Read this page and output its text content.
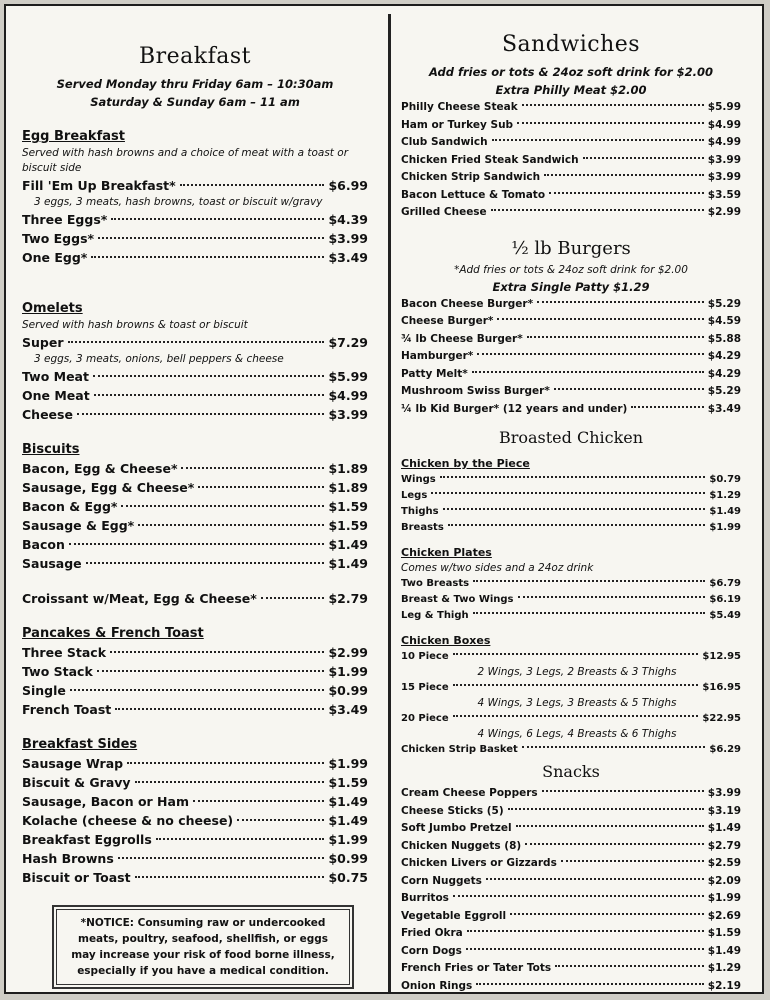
Breakfast
Served Monday thru Friday 6am – 10:30am
Saturday & Sunday 6am – 11 am
Egg Breakfast
Served with hash browns and a choice of meat with a toast or biscuit side
Fill 'Em Up Breakfast*	$6.99
3 eggs, 3 meats, hash browns, toast or biscuit w/gravy
Three Eggs*	$4.39
Two Eggs*	$3.99
One Egg*	$3.49
Omelets
Served with hash browns & toast or biscuit
Super	$7.29
3 eggs, 3 meats, onions, bell peppers & cheese
Two Meat	$5.99
One Meat	$4.99
Cheese	$3.99
Biscuits
Bacon, Egg & Cheese*	$1.89
Sausage, Egg & Cheese*	$1.89
Bacon & Egg*	$1.59
Sausage & Egg*	$1.59
Bacon	$1.49
Sausage	$1.49
Croissant w/Meat, Egg & Cheese*	$2.79
Pancakes & French Toast
Three Stack	$2.99
Two Stack	$1.99
Single	$0.99
French Toast	$3.49
Breakfast Sides
Sausage Wrap	$1.99
Biscuit & Gravy	$1.59
Sausage, Bacon or Ham	$1.49
Kolache (cheese & no cheese)	$1.49
Breakfast Eggrolls	$1.99
Hash Browns	$0.99
Biscuit or Toast	$0.75
*NOTICE: Consuming raw or undercooked meats, poultry, seafood, shellfish, or eggs may increase your risk of food borne illness, especially if you have a medical condition.
Sandwiches
Add fries or tots & 24oz soft drink for $2.00
Extra Philly Meat $2.00
Philly Cheese Steak	$5.99
Ham or Turkey Sub	$4.99
Club Sandwich	$4.99
Chicken Fried Steak Sandwich	$3.99
Chicken Strip Sandwich	$3.99
Bacon Lettuce & Tomato	$3.59
Grilled Cheese	$2.99
½ lb Burgers
*Add fries or tots & 24oz soft drink for $2.00
Extra Single Patty $1.29
Bacon Cheese Burger*	$5.29
Cheese Burger*	$4.59
¾ lb Cheese Burger*	$5.88
Hamburger*	$4.29
Patty Melt*	$4.29
Mushroom Swiss Burger*	$5.29
¼ lb Kid Burger* (12 years and under)	$3.49
Broasted Chicken
Chicken by the Piece
Wings	$0.79
Legs	$1.29
Thighs	$1.49
Breasts	$1.99
Chicken Plates
Comes w/two sides and a 24oz drink
Two Breasts	$6.79
Breast & Two Wings	$6.19
Leg & Thigh	$5.49
Chicken Boxes
10 Piece	$12.95
2 Wings, 3 Legs, 2 Breasts & 3 Thighs
15 Piece	$16.95
4 Wings, 3 Legs, 3 Breasts & 5 Thighs
20 Piece	$22.95
4 Wings, 6 Legs, 4 Breasts & 6 Thighs
Chicken Strip Basket	$6.29
Snacks
Cream Cheese Poppers	$3.99
Cheese Sticks (5)	$3.19
Soft Jumbo Pretzel	$1.49
Chicken Nuggets (8)	$2.79
Chicken Livers or Gizzards	$2.59
Corn Nuggets	$2.09
Burritos	$1.99
Vegetable Eggroll	$2.69
Fried Okra	$1.59
Corn Dogs	$1.49
French Fries or Tater Tots	$1.29
Onion Rings	$2.19
